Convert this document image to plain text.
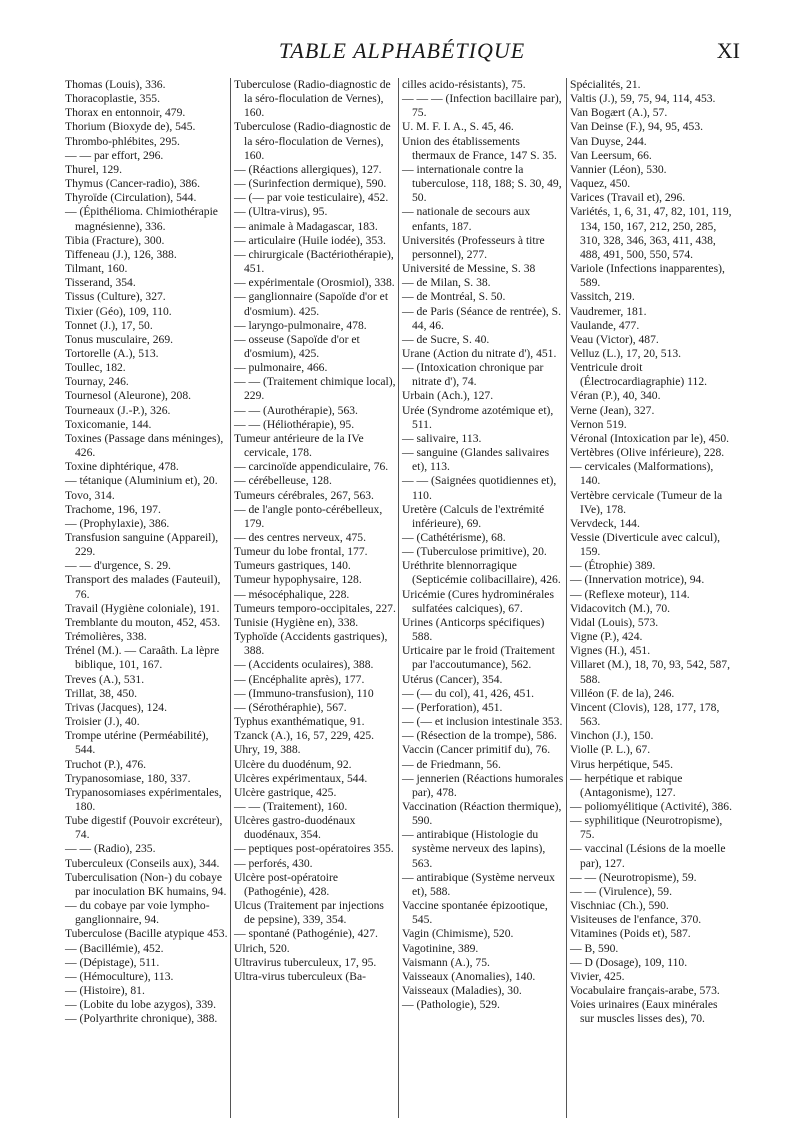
TABLE ALPHABÉTIQUE	XI
Thomas (Louis), 336.
Thoracoplastie, 355.
Thorax en entonnoir, 479.
Thorium (Bioxyde de), 545.
Thrombo-phlébites, 295.
— — par effort, 296.
Thurel, 129.
Thymus (Cancer-radio), 386.
Thyroïde (Circulation), 544.
— (Épithélioma. Chimiothérapie magnésienne), 336.
Tibia (Fracture), 300.
Tiffeneau (J.), 126, 388.
Tilmant, 160.
Tisserand, 354.
Tissus (Culture), 327.
Tixier (Géo), 109, 110.
Tonnet (J.), 17, 50.
Tonus musculaire, 269.
Tortorelle (A.), 513.
Toullec, 182.
Tournay, 246.
Tournesol (Aleurone), 208.
Tourneaux (J.-P.), 326.
Toxicomanie, 144.
Toxines (Passage dans méninges), 426.
Toxine diphtérique, 478.
— tétanique (Aluminium et), 20.
Tovo, 314.
Trachome, 196, 197.
— (Prophylaxie), 386.
Transfusion sanguine (Appareil), 229.
— — d'urgence, S. 29.
Transport des malades (Fauteuil), 76.
Travail (Hygiène coloniale), 191.
Tremblante du mouton, 452, 453.
Trémolières, 338.
Trénel (M.). — Caraâth. La lèpre biblique, 101, 167.
Treves (A.), 531.
Trillat, 38, 450.
Trivas (Jacques), 124.
Troisier (J.), 40.
Trompe utérine (Perméabilité), 544.
Truchot (P.), 476.
Trypanosomiase, 180, 337.
Trypanosomiases expérimentales, 180.
Tube digestif (Pouvoir excréteur), 74.
— — (Radio), 235.
Tuberculeux (Conseils aux), 344.
Tuberculisation (Non-) du cobaye par inoculation BK humains, 94.
— du cobaye par voie lympho-ganglionnaire, 94.
Tuberculose (Bacille atypique 453.
— (Bacillémie), 452.
— (Dépistage), 511.
— (Hémoculture), 113.
— (Histoire), 81.
— (Lobite du lobe azygos), 339.
— (Polyarthrite chronique), 388.
Tuberculose (Radio-diagnostic de la séro-floculation de Vernes), 160.
Tuberculose (Radio-diagnostic de la séro-floculation de Vernes), 160.
— (Réactions allergiques), 127.
— (Surinfection dermique), 590.
— (— par voie testiculaire), 452.
— (Ultra-virus), 95.
— animale à Madagascar, 183.
— articulaire (Huile iodée), 353.
— chirurgicale (Bactériothérapie), 451.
— expérimentale (Orosmiol), 338.
— ganglionnaire (Sapoïde d'or et d'osmium). 425.
— laryngo-pulmonaire, 478.
— osseuse (Sapoïde d'or et d'osmium), 425.
— pulmonaire, 466.
— — (Traitement chimique local), 229.
— — (Aurothérapie), 563.
— — (Héliothérapie), 95.
Tumeur antérieure de la IVe cervicale, 178.
— carcinoïde appendiculaire, 76.
— cérébelleuse, 128.
Tumeurs cérébrales, 267, 563.
— de l'angle ponto-cérébelleux, 179.
— des centres nerveux, 475.
Tumeur du lobe frontal, 177.
Tumeurs gastriques, 140.
Tumeur hypophysaire, 128.
— mésocéphalique, 228.
Tumeurs temporo-occipitales, 227.
Tunisie (Hygiène en), 338.
Typhoïde (Accidents gastriques), 388.
— (Accidents oculaires), 388.
— (Encéphalite après), 177.
— (Immuno-transfusion), 110
— (Sérothéraphie), 567.
Typhus exanthématique, 91.
Tzanck (A.), 16, 57, 229, 425.
Uhry, 19, 388.
Ulcère du duodénum, 92.
Ulcères expérimentaux, 544.
Ulcère gastrique, 425.
— — (Traitement), 160.
Ulcères gastro-duodénaux duodénaux, 354.
— peptiques post-opératoires 355.
— perforés, 430.
Ulcère post-opératoire (Pathogénie), 428.
Ulcus (Traitement par injections de pepsine), 339, 354.
— spontané (Pathogénie), 427.
Ulrich, 520.
Ultravirus tuberculeux, 17, 95.
Ultra-virus tuberculeux (Ba-
cilles acido-résistants), 75.
— — — (Infection bacillaire par), 75.
U. M. F. I. A., S. 45, 46.
Union des établissements thermaux de France, 147 S. 35.
— internationale contre la tuberculose, 118, 188; S. 30, 49, 50.
— nationale de secours aux enfants, 187.
Universités (Professeurs à titre personnel), 277.
Université de Messine, S. 38
— de Milan, S. 38.
— de Montréal, S. 50.
— de Paris (Séance de rentrée), S. 44, 46.
— de Sucre, S. 40.
Urane (Action du nitrate d'), 451.
— (Intoxication chronique par nitrate d'), 74.
Urbain (Ach.), 127.
Urée (Syndrome azotémique et), 511.
— salivaire, 113.
— sanguine (Glandes salivaires et), 113.
— — (Saignées quotidiennes et), 110.
Uretère (Calculs de l'extrémité inférieure), 69.
— (Cathétérisme), 68.
— (Tuberculose primitive), 20.
Uréthrite blennorragique (Septicémie colibacillaire), 426.
Uricémie (Cures hydrominérales sulfatées calciques), 67.
Urines (Anticorps spécifiques) 588.
Urticaire par le froid (Traitement par l'accoutumance), 562.
Utérus (Cancer), 354.
— (— du col), 41, 426, 451.
— (Perforation), 451.
— (— et inclusion intestinale 353.
— (Résection de la trompe), 586.
Vaccin (Cancer primitif du), 76.
— de Friedmann, 56.
— jennerien (Réactions humorales par), 478.
Vaccination (Réaction thermique), 590.
— antirabique (Histologie du système nerveux des lapins), 563.
— antirabique (Système nerveux et), 588.
Vaccine spontanée épizootique, 545.
Vagin (Chimisme), 520.
Vagotinine, 389.
Vaismann (A.), 75.
Vaisseaux (Anomalies), 140.
Vaisseaux (Maladies), 30.
— (Pathologie), 529.
Spécialités, 21.
Valtis (J.), 59, 75, 94, 114, 453.
Van Bogært (A.), 57.
Van Deinse (F.), 94, 95, 453.
Van Duyse, 244.
Van Leersum, 66.
Vannier (Léon), 530.
Vaquez, 450.
Varices (Travail et), 296.
Variétés, 1, 6, 31, 47, 82, 101, 119, 134, 150, 167, 212, 250, 285, 310, 328, 346, 363, 411, 438, 488, 491, 500, 550, 574.
Variole (Infections inapparentes), 589.
Vassitch, 219.
Vaudremer, 181.
Vaulande, 477.
Veau (Victor), 487.
Velluz (L.), 17, 20, 513.
Ventricule droit (Électrocardiagraphie) 112.
Véran (P.), 40, 340.
Verne (Jean), 327.
Vernon 519.
Véronal (Intoxication par le), 450.
Vertèbres (Olive inférieure), 228.
— cervicales (Malformations), 140.
Vertèbre cervicale (Tumeur de la IVe), 178.
Vervdeck, 144.
Vessie (Diverticule avec calcul), 159.
— (Étrophie) 389.
— (Innervation motrice), 94.
— (Reflexe moteur), 114.
Vidacovitch (M.), 70.
Vidal (Louis), 573.
Vigne (P.), 424.
Vignes (H.), 451.
Villaret (M.), 18, 70, 93, 542, 587, 588.
Villéon (F. de la), 246.
Vincent (Clovis), 128, 177, 178, 563.
Vinchon (J.), 150.
Violle (P. L.), 67.
Virus herpétique, 545.
— herpétique et rabique (Antagonisme), 127.
— poliomyélitique (Activité), 386.
— syphilitique (Neurotropisme), 75.
— vaccinal (Lésions de la moelle par), 127.
— — (Neurotropisme), 59.
— — (Virulence), 59.
Vischniac (Ch.), 590.
Visiteuses de l'enfance, 370.
Vitamines (Poids et), 587.
— B, 590.
— D (Dosage), 109, 110.
Vivier, 425.
Vocabulaire français-arabe, 573.
Voies urinaires (Eaux minérales sur muscles lisses des), 70.
